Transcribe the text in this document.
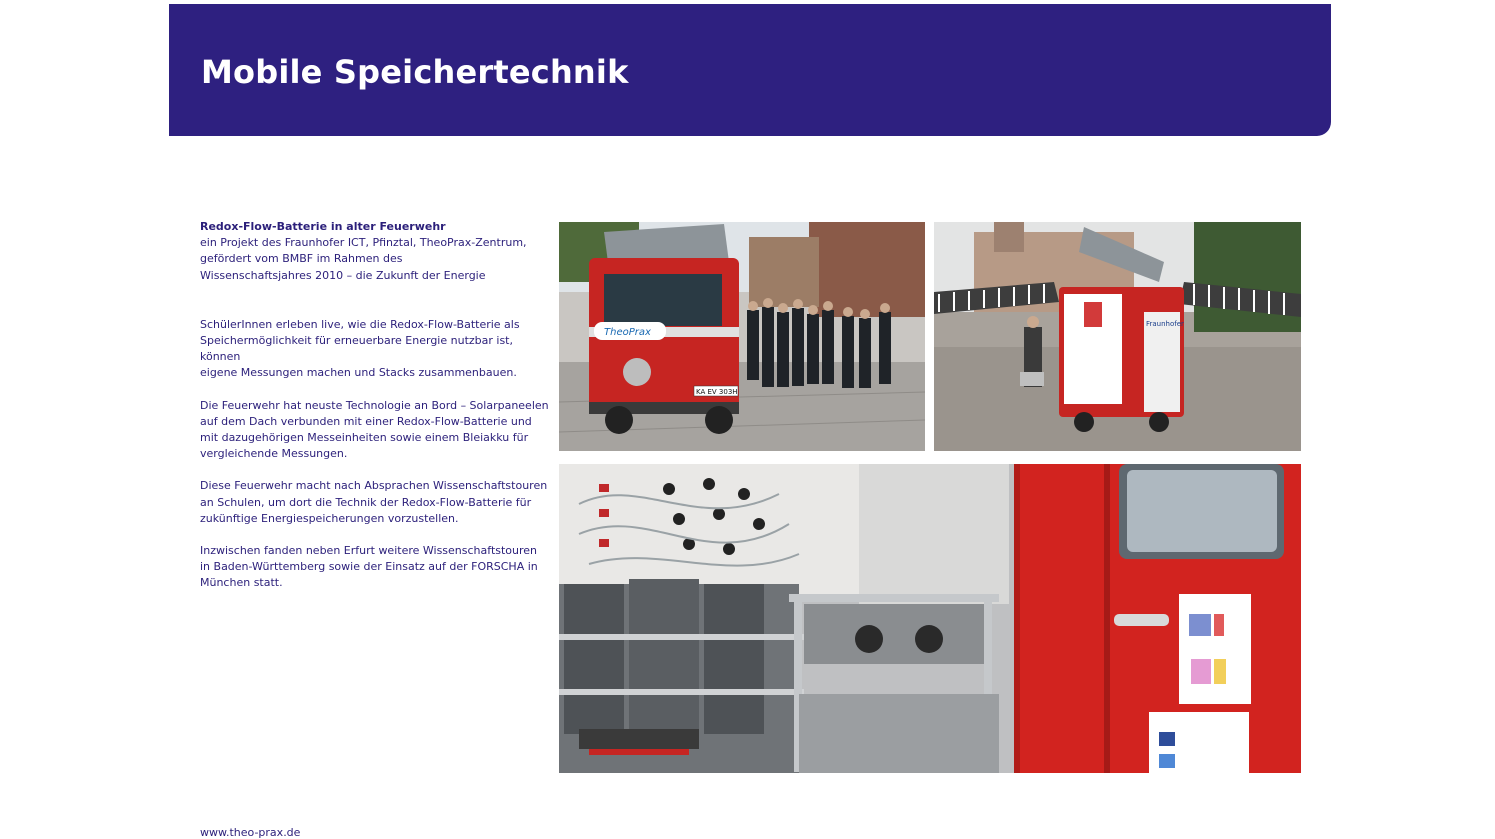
Mobile Speichertechnik

Redox-Flow-Batterie in alter Feuerwehr

ein Projekt des Fraunhofer ICT, Pfinztal, TheoPrax-Zentrum,

gefördert vom BMBF im Rahmen des

Wissenschaftsjahres 2010 – die Zukunft der Energie

SchülerInnen erleben live, wie die Redox-Flow-Batterie als

Speichermöglichkeit für erneuerbare Energie nutzbar ist, können

eigene Messungen machen und Stacks zusammenbauen.

Die Feuerwehr hat neuste Technologie an Bord – Solarpaneelen

auf dem Dach verbunden mit einer Redox-Flow-Batterie und

mit dazugehörigen Messeinheiten sowie einem Bleiakku für

vergleichende Messungen.

Diese Feuerwehr macht nach Absprachen Wissenschaftstouren

an Schulen, um dort die Technik der Redox-Flow-Batterie für

zukünftige Energiespeicherungen vorzustellen.

Inzwischen fanden neben Erfurt weitere Wissenschaftstouren

in Baden-Württemberg sowie der Einsatz auf der FORSCHA in

München statt.

TheoPrax
KA EV 303H
Fraunhofer
www.theo-prax.de
